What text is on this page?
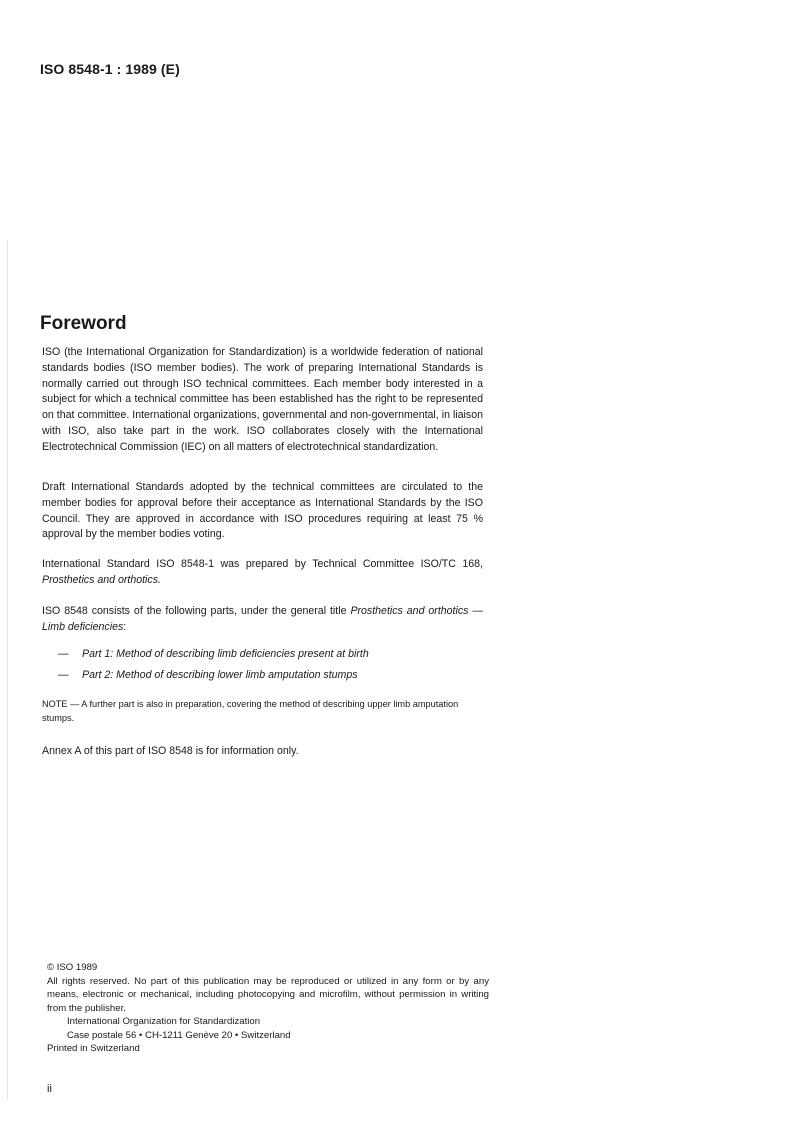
ISO 8548-1 : 1989 (E)
Foreword

ISO (the International Organization for Standardization) is a worldwide federation of national standards bodies (ISO member bodies). The work of preparing International Standards is normally carried out through ISO technical committees. Each member body interested in a subject for which a technical committee has been established has the right to be represented on that committee. International organizations, governmental and non-governmental, in liaison with ISO, also take part in the work. ISO collaborates closely with the International Electrotechnical Commission (IEC) on all matters of electrotechnical standardization.

Draft International Standards adopted by the technical committees are circulated to the member bodies for approval before their acceptance as International Standards by the ISO Council. They are approved in accordance with ISO procedures requiring at least 75 % approval by the member bodies voting.

International Standard ISO 8548-1 was prepared by Technical Committee ISO/TC 168, Prosthetics and orthotics.

ISO 8548 consists of the following parts, under the general title Prosthetics and orthotics — Limb deficiencies:

—	Part 1: Method of describing limb deficiencies present at birth
—	Part 2: Method of describing lower limb amputation stumps

NOTE — A further part is also in preparation, covering the method of describing upper limb amputation stumps.

Annex A of this part of ISO 8548 is for information only.

© ISO 1989
All rights reserved. No part of this publication may be reproduced or utilized in any form or by any means, electronic or mechanical, including photocopying and microfilm, without permission in writing from the publisher.
International Organization for Standardization
Case postale 56 • CH-1211 Genève 20 • Switzerland
Printed in Switzerland
ii
